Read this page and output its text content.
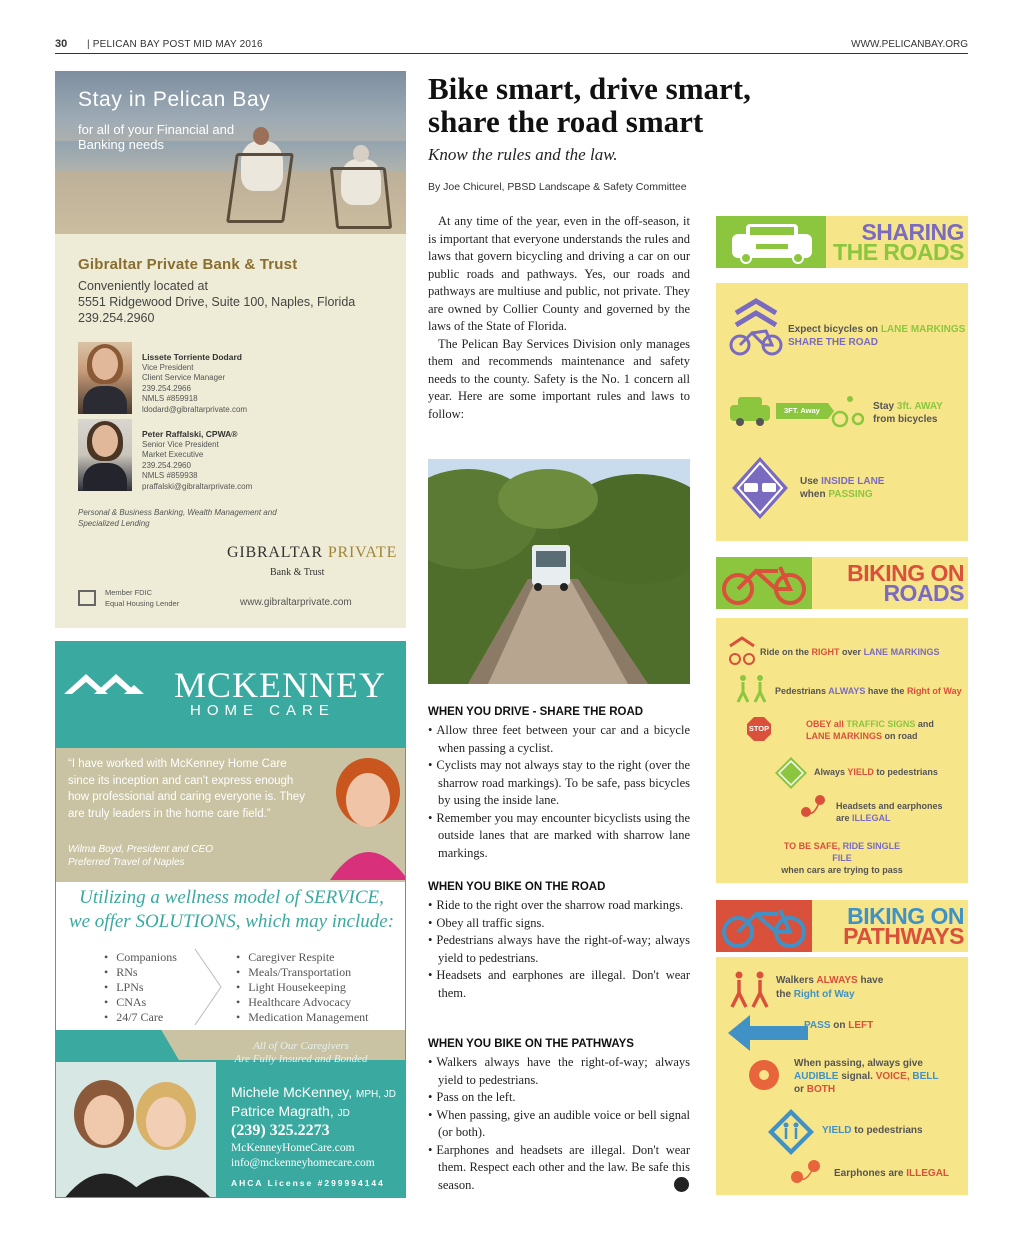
30 | PELICAN BAY POST MID MAY 2016	WWW.PELICANBAY.ORG
Stay in Pelican Bay
for all of your Financial and Banking needs
Gibraltar Private Bank & Trust
Conveniently located at
5551 Ridgewood Drive, Suite 100, Naples, Florida
239.254.2960
Lissete Torriente Dodard
Vice President
Client Service Manager
239.254.2966
NMLS #859918
ldodard@gibraltarprivate.com
Peter Raffalski, CPWA®
Senior Vice President
Market Executive
239.254.2960
NMLS #859938
praffalski@gibraltarprivate.com
Personal & Business Banking, Wealth Management and Specialized Lending
GIBRALTAR PRIVATE
Bank & Trust
Member FDIC
Equal Housing Lender	www.gibraltarprivate.com
MCKENNEY
HOME CARE
“I have worked with McKenney Home Care since its inception and can't express enough how professional and caring everyone is. They are truly leaders in the home care field.”
Wilma Boyd, President and CEO
Preferred Travel of Naples
Utilizing a wellness model of SERVICE,
we offer SOLUTIONS, which may include:
• Companions
• RNs
• LPNs
• CNAs
• 24/7 Care
• Caregiver Respite
• Meals/Transportation
• Light Housekeeping
• Healthcare Advocacy
• Medication Management
All of Our Caregivers
Are Fully Insured and Bonded
Michele McKenney, MPH, JD
Patrice Magrath, JD
(239) 325.2273
McKenneyHomeCare.com
info@mckenneyhomecare.com
AHCA License #299994144
Bike smart, drive smart,
share the road smart
Know the rules and the law.
By Joe Chicurel, PBSD Landscape & Safety Committee

At any time of the year, even in the off-season, it is important that everyone understands the rules and laws that govern bicycling and driving a car on our public roads and pathways. Yes, our roads and pathways are multiuse and public, not private. They are owned by Collier County and governed by the laws of the State of Florida.

The Pelican Bay Services Division only manages them and recommends maintenance and safety needs to the county. Safety is the No. 1 concern all year. Here are some important rules and laws to follow:

WHEN YOU DRIVE - SHARE THE ROAD
• Allow three feet between your car and a bicycle when passing a cyclist.
• Cyclists may not always stay to the right (over the sharrow road markings). To be safe, pass bicycles by using the inside lane.
• Remember you may encounter bicyclists using the outside lanes that are marked with sharrow lane markings.
WHEN YOU BIKE ON THE ROAD
• Ride to the right over the sharrow road markings.
• Obey all traffic signs.
• Pedestrians always have the right-of-way; always yield to pedestrians.
• Headsets and earphones are illegal. Don't wear them.
WHEN YOU BIKE ON THE PATHWAYS
• Walkers always have the right-of-way; always yield to pedestrians.
• Pass on the left.
• When passing, give an audible voice or bell signal (or both).
• Earphones and headsets are illegal. Don't wear them. Respect each other and the law. Be safe this season.
SHARING
THE ROADS
Expect bicycles on LANE MARKINGS
SHARE THE ROAD
3FT. Away	Stay 3ft. AWAY
from bicycles
Use INSIDE LANE
when PASSING
BIKING ON
ROADS
Ride on the RIGHT over LANE MARKINGS
Pedestrians ALWAYS have the Right of Way
STOP	OBEY all TRAFFIC SIGNS and
LANE MARKINGS on road
Always YIELD to pedestrians
Headsets and earphones
are ILLEGAL
TO BE SAFE, RIDE SINGLE FILE
when cars are trying to pass
BIKING ON
PATHWAYS
Walkers ALWAYS have
the Right of Way
PASS on LEFT
When passing, always give
AUDIBLE signal. VOICE, BELL
or BOTH
YIELD to pedestrians
Earphones are ILLEGAL
